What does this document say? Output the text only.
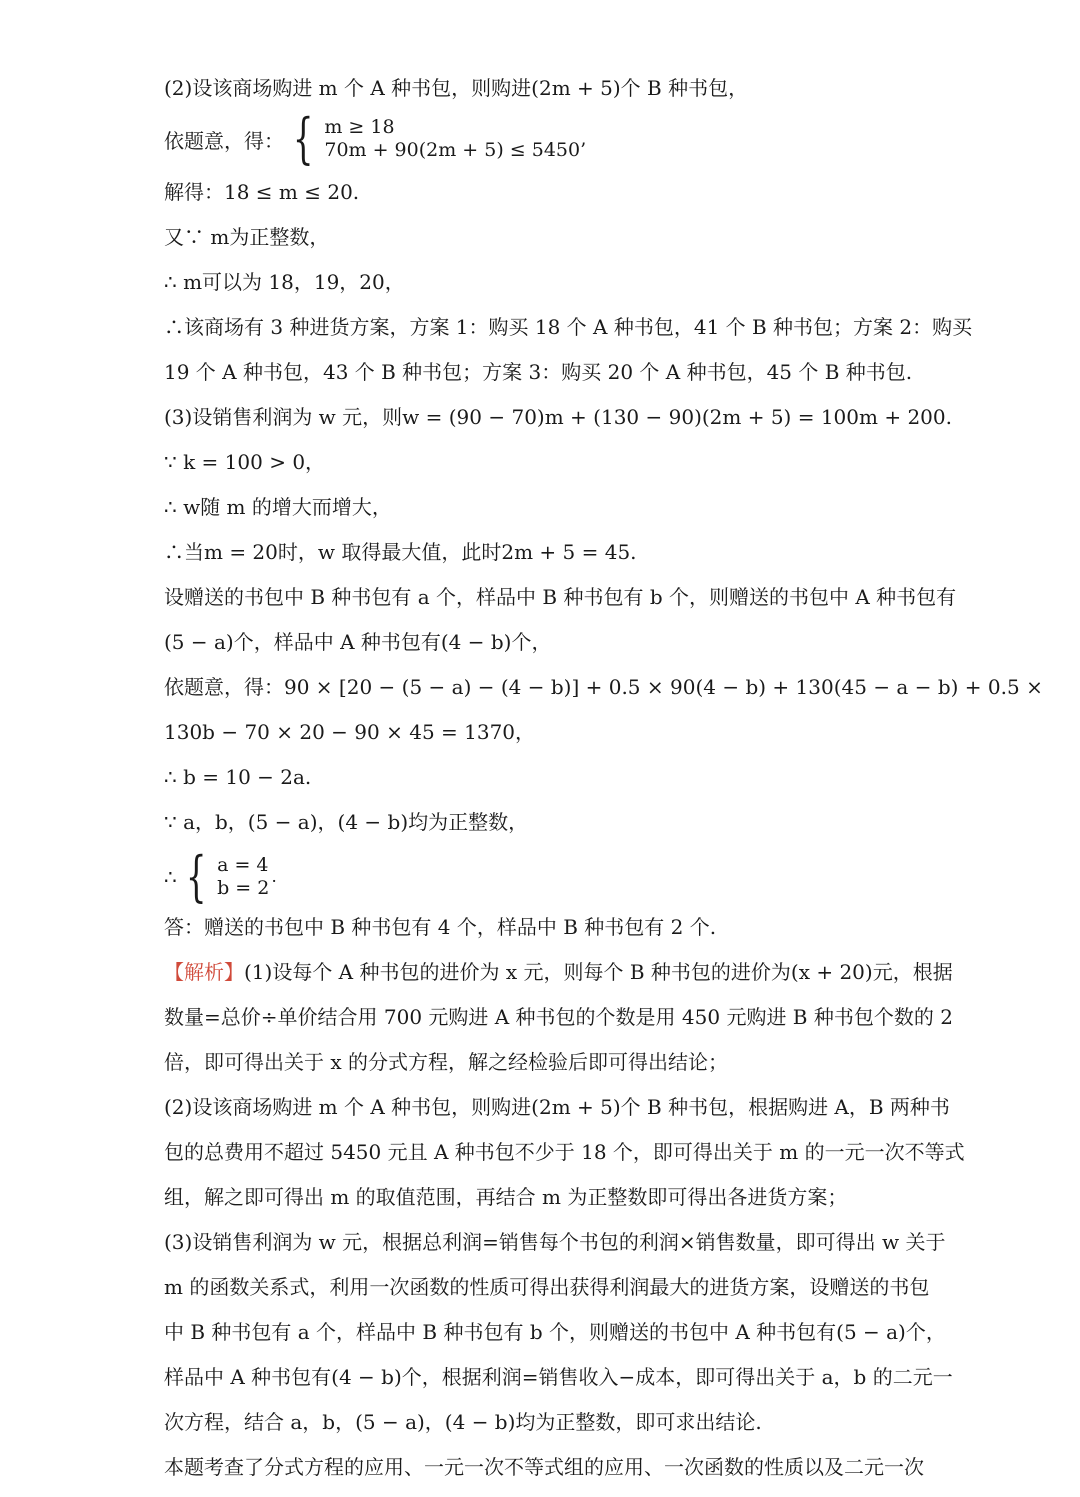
(2)设该商场购进 m 个 A 种书包，则购进(2m + 5)个 B 种书包，
依题意，得： { m ≥ 18
70m + 90(2m + 5) ≤ 5450’
解得：18 ≤ m ≤ 20.
又∵ m为正整数，
∴ m可以为 18，19，20，
∴该商场有 3 种进货方案，方案 1：购买 18 个 A 种书包，41 个 B 种书包；方案 2：购买
19 个 A 种书包，43 个 B 种书包；方案 3：购买 20 个 A 种书包，45 个 B 种书包.
(3)设销售利润为 w 元，则w = (90 − 70)m + (130 − 90)(2m + 5) = 100m + 200.
∵ k = 100 > 0，
∴ w随 m 的增大而增大，
∴当m = 20时，w 取得最大值，此时2m + 5 = 45.
设赠送的书包中 B 种书包有 a 个，样品中 B 种书包有 b 个，则赠送的书包中 A 种书包有
(5 − a)个，样品中 A 种书包有(4 − b)个，
依题意，得：90 × [20 − (5 − a) − (4 − b)] + 0.5 × 90(4 − b) + 130(45 − a − b) + 0.5 ×
130b − 70 × 20 − 90 × 45 = 1370，
∴ b = 10 − 2a.
∵ a，b，(5 − a)，(4 − b)均为正整数，
∴ { a = 4
b = 2˙
答：赠送的书包中 B 种书包有 4 个，样品中 B 种书包有 2 个.
【解析】(1)设每个 A 种书包的进价为 x 元，则每个 B 种书包的进价为(x + 20)元，根据
数量=总价÷单价结合用 700 元购进 A 种书包的个数是用 450 元购进 B 种书包个数的 2
倍，即可得出关于 x 的分式方程，解之经检验后即可得出结论；
(2)设该商场购进 m 个 A 种书包，则购进(2m + 5)个 B 种书包，根据购进 A，B 两种书
包的总费用不超过 5450 元且 A 种书包不少于 18 个，即可得出关于 m 的一元一次不等式
组，解之即可得出 m 的取值范围，再结合 m 为正整数即可得出各进货方案；
(3)设销售利润为 w 元，根据总利润=销售每个书包的利润×销售数量，即可得出 w 关于
m 的函数关系式，利用一次函数的性质可得出获得利润最大的进货方案，设赠送的书包
中 B 种书包有 a 个，样品中 B 种书包有 b 个，则赠送的书包中 A 种书包有(5 − a)个，
样品中 A 种书包有(4 − b)个，根据利润=销售收入−成本，即可得出关于 a，b 的二元一
次方程，结合 a，b，(5 − a)，(4 − b)均为正整数，即可求出结论.
本题考查了分式方程的应用、一元一次不等式组的应用、一次函数的性质以及二元一次
